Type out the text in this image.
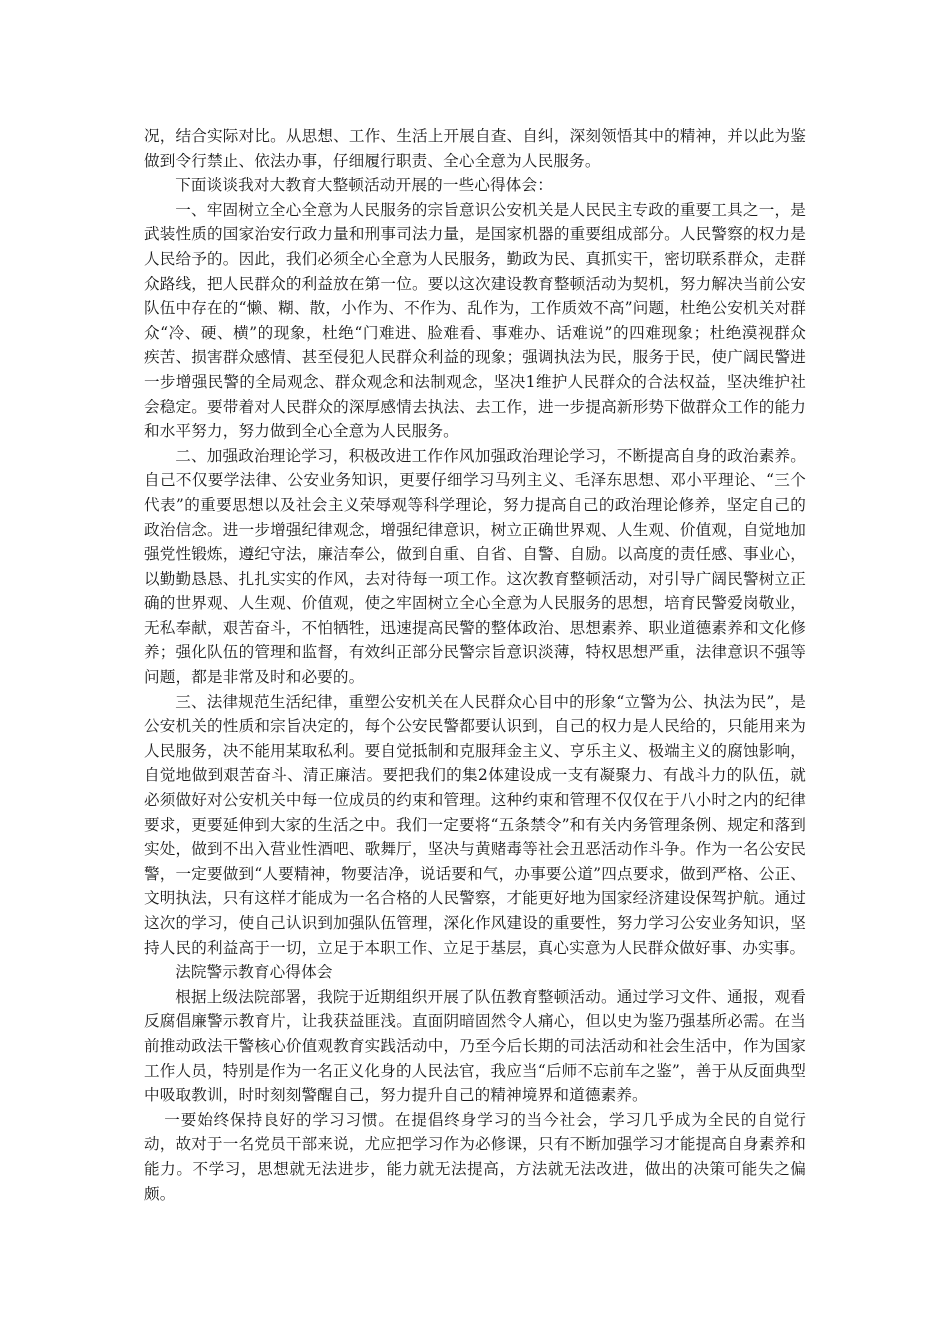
况，结合实际对比。从思想、工作、生活上开展自查、自纠，深刻领悟其中的精神，并以此为鉴做到令行禁止、依法办事，仔细履行职责、全心全意为人民服务。

下面谈谈我对大教育大整顿活动开展的一些心得体会：

一、牢固树立全心全意为人民服务的宗旨意识公安机关是人民民主专政的重要工具之一，是武装性质的国家治安行政力量和刑事司法力量，是国家机器的重要组成部分。人民警察的权力是人民给予的。因此，我们必须全心全意为人民服务，勤政为民、真抓实干，密切联系群众，走群众路线，把人民群众的利益放在第一位。要以这次建设教育整顿活动为契机，努力解决当前公安队伍中存在的“懒、糊、散，小作为、不作为、乱作为，工作质效不高”问题，杜绝公安机关对群众“冷、硬、横”的现象，杜绝“门难进、脸难看、事难办、话难说”的四难现象；杜绝漠视群众疾苦、损害群众感情、甚至侵犯人民群众利益的现象；强调执法为民，服务于民，使广阔民警进一步增强民警的全局观念、群众观念和法制观念，坚决1维护人民群众的合法权益，坚决维护社会稳定。要带着对人民群众的深厚感情去执法、去工作，进一步提高新形势下做群众工作的能力和水平努力，努力做到全心全意为人民服务。

二、加强政治理论学习，积极改进工作作风加强政治理论学习，不断提高自身的政治素养。自己不仅要学法律、公安业务知识，更要仔细学习马列主义、毛泽东思想、邓小平理论、“三个代表”的重要思想以及社会主义荣辱观等科学理论，努力提高自己的政治理论修养，坚定自己的政治信念。进一步增强纪律观念，增强纪律意识，树立正确世界观、人生观、价值观，自觉地加强党性锻炼，遵纪守法，廉洁奉公，做到自重、自省、自警、自励。以高度的责任感、事业心，以勤勤恳恳、扎扎实实的作风，去对待每一项工作。这次教育整顿活动，对引导广阔民警树立正确的世界观、人生观、价值观，使之牢固树立全心全意为人民服务的思想，培育民警爱岗敬业，无私奉献，艰苦奋斗，不怕牺牲，迅速提高民警的整体政治、思想素养、职业道德素养和文化修养；强化队伍的管理和监督，有效纠正部分民警宗旨意识淡薄，特权思想严重，法律意识不强等问题，都是非常及时和必要的。

三、法律规范生活纪律，重塑公安机关在人民群众心目中的形象“立警为公、执法为民”，是公安机关的性质和宗旨决定的，每个公安民警都要认识到，自己的权力是人民给的，只能用来为人民服务，决不能用某取私利。要自觉抵制和克服拜金主义、亨乐主义、极端主义的腐蚀影响，自觉地做到艰苦奋斗、清正廉洁。要把我们的集2体建设成一支有凝聚力、有战斗力的队伍，就必须做好对公安机关中每一位成员的约束和管理。这种约束和管理不仅仅在于八小时之内的纪律要求，更要延伸到大家的生活之中。我们一定要将“五条禁令”和有关内务管理条例、规定和落到实处，做到不出入营业性酒吧、歌舞厅，坚决与黄赌毒等社会丑恶活动作斗争。作为一名公安民警，一定要做到“人要精神，物要洁净，说话要和气，办事要公道”四点要求，做到严格、公正、文明执法，只有这样才能成为一名合格的人民警察，才能更好地为国家经济建设保驾护航。通过这次的学习，使自己认识到加强队伍管理，深化作风建设的重要性，努力学习公安业务知识，坚持人民的利益高于一切，立足于本职工作、立足于基层，真心实意为人民群众做好事、办实事。

法院警示教育心得体会

根据上级法院部署，我院于近期组织开展了队伍教育整顿活动。通过学习文件、通报，观看反腐倡廉警示教育片，让我获益匪浅。直面阴暗固然令人痛心，但以史为鉴乃强基所必需。在当前推动政法干警核心价值观教育实践活动中，乃至今后长期的司法活动和社会生活中，作为国家工作人员，特别是作为一名正义化身的人民法官，我应当“后师不忘前车之鉴”，善于从反面典型中吸取教训，时时刻刻警醒自己，努力提升自己的精神境界和道德素养。

一要始终保持良好的学习习惯。在提倡终身学习的当今社会，学习几乎成为全民的自觉行动，故对于一名党员干部来说，尤应把学习作为必修课，只有不断加强学习才能提高自身素养和能力。不学习，思想就无法进步，能力就无法提高，方法就无法改进，做出的决策可能失之偏颇。
